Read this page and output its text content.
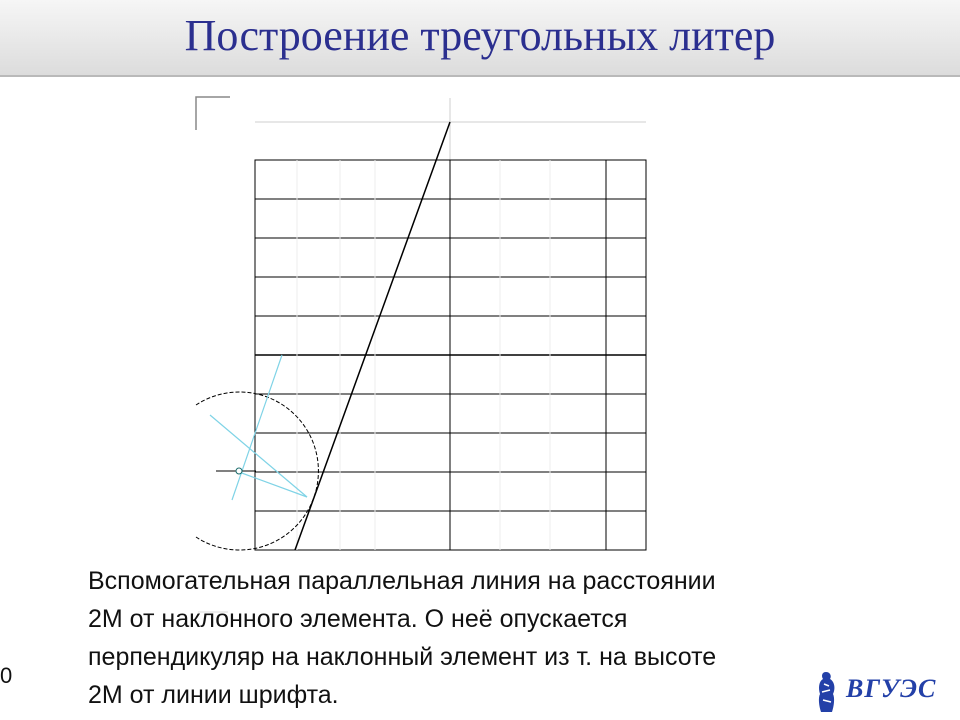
Построение треугольных литер
Вспомогательная параллельная линия на расстоянии
2М от наклонного элемента. О неё опускается
перпендикуляр на наклонный элемент из т. на высоте
2М от линии шрифта.
0	ВГУЭС
